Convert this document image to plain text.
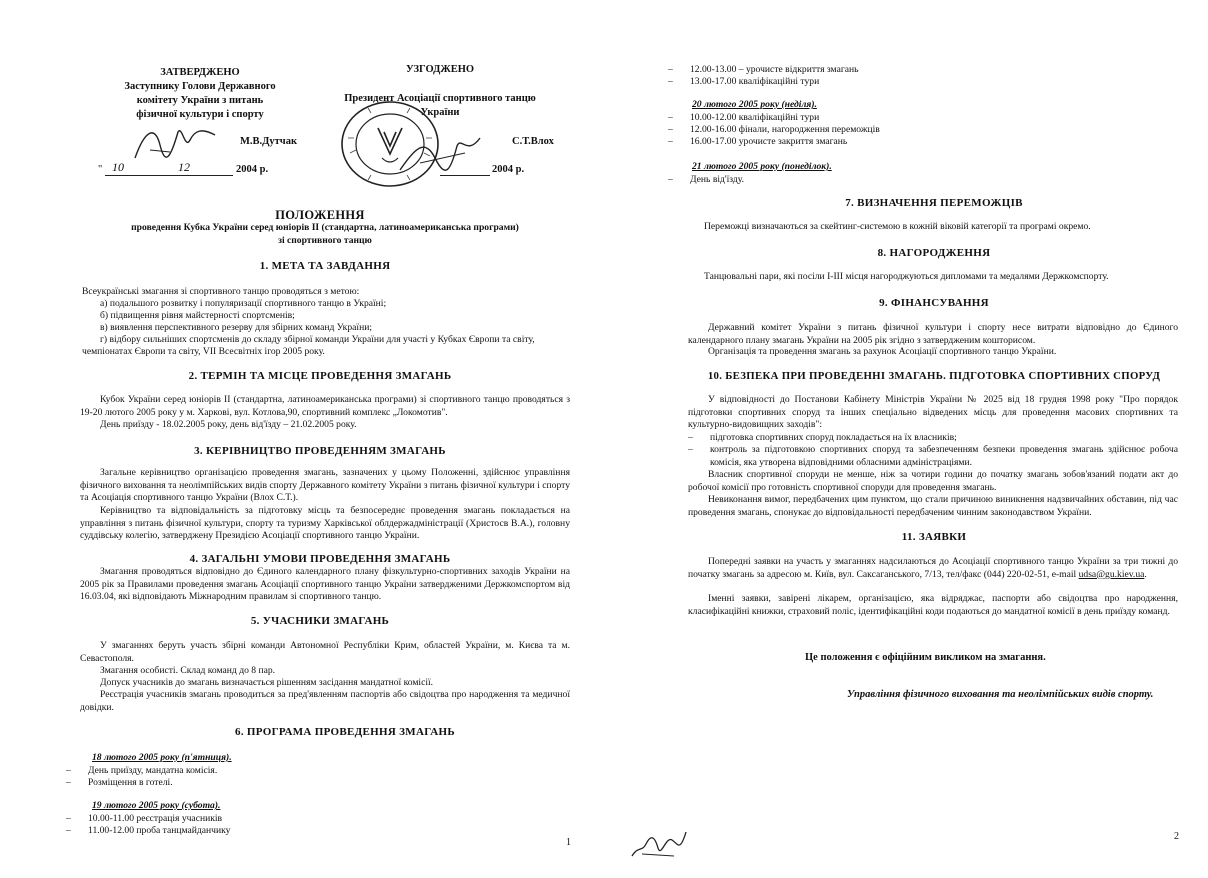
ЗАТВЕРДЖЕНО
Заступнику Голови Державного
комітету України з питань
фізичної культури і спорту
М.В.Дутчак
" 10	12	2004 р.
УЗГОДЖЕНО
Президент Асоціації спортивного танцю
України
С.Т.Влох
2004 р.
ПОЛОЖЕННЯ
проведення Кубка України серед юніорів ІІ (стандартна, латиноамериканська програми)
зі спортивного танцю
1. МЕТА ТА ЗАВДАННЯ
Всеукраїнські змагання зі спортивного танцю проводяться з метою:
а) подальшого розвитку і популяризації спортивного танцю в Україні;
б) підвищення рівня майстерності спортсменів;
в) виявлення перспективного резерву для збірних команд України;
г) відбору сильніших спортсменів до складу збірної команди України для участі у Кубках Європи та світу,
чемпіонатах Європи та світу, VII Всесвітніх ігор 2005 року.
2. ТЕРМІН ТА МІСЦЕ ПРОВЕДЕННЯ ЗМАГАНЬ
Кубок України серед юніорів ІІ (стандартна, латиноамериканська програми) зі спортивного танцю проводяться з 19-20 лютого 2005 року у м. Харкові, вул. Котлова,90, спортивний комплекс „Локомотив".
День приїзду - 18.02.2005 року, день від'їзду – 21.02.2005 року.
3. КЕРІВНИЦТВО ПРОВЕДЕННЯМ ЗМАГАНЬ
Загальне керівництво організацією проведення змагань, зазначених у цьому Положенні, здійснює управління фізичного виховання та неолімпійських видів спорту Державного комітету України з питань фізичної культури і спорту та Асоціація спортивного танцю України (Влох С.Т.).
Керівництво та відповідальність за підготовку місць та безпосереднє проведення змагань покладається на управління з питань фізичної культури, спорту та туризму Харківської облдержадміністрації (Христосв В.А.), головну суддівську колегію, затверджену Президією Асоціації спортивного танцю України.
4. ЗАГАЛЬНІ УМОВИ ПРОВЕДЕННЯ ЗМАГАНЬ
Змагання проводяться відповідно до Єдиного календарного плану фізкультурно-спортивних заходів України на 2005 рік за Правилами проведення змагань Асоціації спортивного танцю України затвердженими Держкомспортом від 16.03.04, які відповідають Міжнародним правилам зі спортивного танцю.
5. УЧАСНИКИ ЗМАГАНЬ
У змаганнях беруть участь збірні команди Автономної Республіки Крим, областей України, м. Києва та м. Севастополя.
Змагання особисті. Склад команд до 8 пар.
Допуск учасників до змагань визначається рішенням засідання мандатної комісії.
Реєстрація учасників змагань проводиться за пред'явленням паспортів або свідоцтва про народження та медичної довідки.
6. ПРОГРАМА ПРОВЕДЕННЯ ЗМАГАНЬ
18 лютого 2005 року (п'ятниця).
– День приїзду, мандатна комісія.
– Розміщення в готелі.
19 лютого 2005 року (субота).
– 10.00-11.00 реєстрація учасників
– 11.00-12.00 проба танцмайданчику
1
– 12.00-13.00 – урочисте відкриття змагань
– 13.00-17.00 кваліфікаційні тури
20 лютого 2005 року (неділя).
– 10.00-12.00 кваліфікаційні тури
– 12.00-16.00 фінали, нагородження переможців
– 16.00-17.00 урочисте закриття змагань
21 лютого 2005 року (понеділок).
– День від'їзду.
7. ВИЗНАЧЕННЯ ПЕРЕМОЖЦІВ
Переможці визначаються за скейтинг-системою в кожній віковій категорії та програмі окремо.
8. НАГОРОДЖЕННЯ
Танцювальні пари, які посіли І-ІІІ місця нагороджуються дипломами та медалями Держкомспорту.
9. ФІНАНСУВАННЯ
Державний комітет України з питань фізичної культури і спорту несе витрати відповідно до Єдиного календарного плану змагань України на 2005 рік згідно з затвердженим кошторисом.
Організація та проведення змагань за рахунок Асоціації спортивного танцю України.
10. БЕЗПЕКА ПРИ ПРОВЕДЕННІ ЗМАГАНЬ. ПІДГОТОВКА СПОРТИВНИХ СПОРУД
У відповідності до Постанови Кабінету Міністрів України № 2025 від 18 грудня 1998 року "Про порядок підготовки спортивних споруд та інших спеціально відведених місць для проведення масових спортивних та культурно-видовищних заходів":
– підготовка спортивних споруд покладається на їх власників;
–	контроль за підготовкою спортивних споруд та забезпеченням безпеки проведення змагань здійснює робоча комісія, яка утворена відповідними обласними адміністраціями.
Власник спортивної споруди не менше, ніж за чотири години до початку змагань зобов'язаний подати акт до робочої комісії про готовність спортивної споруди для проведення змагань.
Невиконання вимог, передбачених цим пунктом, що стали причиною виникнення надзвичайних обставин, під час проведення змагань, спонукає до відповідальності передбаченим чинним законодавством України.
11. ЗАЯВКИ
Попередні заявки на участь у змаганнях надсилаються до Асоціації спортивного танцю України за три тижні до початку змагань за адресою м. Київ, вул. Саксаганського, 7/13, тел/факс (044) 220-02-51, e-mail udsa@gu.kiev.ua.
Іменні заявки, завірені лікарем, організацією, яка відряджає, паспорти або свідоцтва про народження, класифікаційні книжки, страховий поліс, ідентифікаційні коди подаються до мандатної комісії в день приїзду команд.
Це положення є офіційним викликом на змагання.
Управління фізичного виховання та неолімпійських видів спорту.
2
